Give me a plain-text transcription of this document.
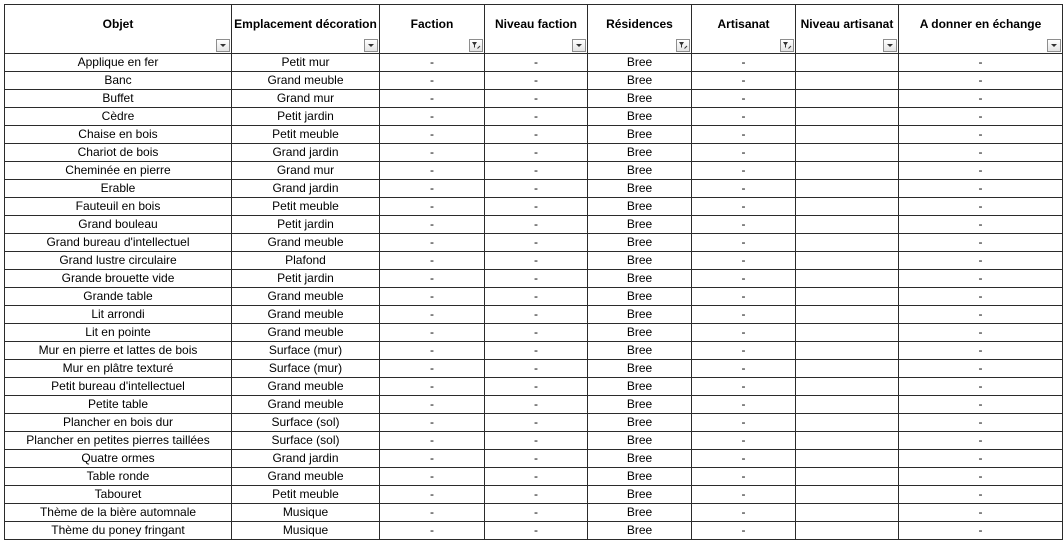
Objet	Emplacement décoration	Faction	Niveau faction	Résidences	Artisanat	Niveau artisanat	A donner en échange

Applique en fer	Petit mur	-	-	Bree	-		-
Banc	Grand meuble	-	-	Bree	-		-
Buffet	Grand mur	-	-	Bree	-		-
Cèdre	Petit jardin	-	-	Bree	-		-
Chaise en bois	Petit meuble	-	-	Bree	-		-
Chariot de bois	Grand jardin	-	-	Bree	-		-
Cheminée en pierre	Grand mur	-	-	Bree	-		-
Erable	Grand jardin	-	-	Bree	-		-
Fauteuil en bois	Petit meuble	-	-	Bree	-		-
Grand bouleau	Petit jardin	-	-	Bree	-		-
Grand bureau d'intellectuel	Grand meuble	-	-	Bree	-		-
Grand lustre circulaire	Plafond	-	-	Bree	-		-
Grande brouette vide	Petit jardin	-	-	Bree	-		-
Grande table	Grand meuble	-	-	Bree	-		-
Lit arrondi	Grand meuble	-	-	Bree	-		-
Lit en pointe	Grand meuble	-	-	Bree	-		-
Mur en pierre et lattes de bois	Surface (mur)	-	-	Bree	-		-
Mur en plâtre texturé	Surface (mur)	-	-	Bree	-		-
Petit bureau d'intellectuel	Grand meuble	-	-	Bree	-		-
Petite table	Grand meuble	-	-	Bree	-		-
Plancher en bois dur	Surface (sol)	-	-	Bree	-		-
Plancher en petites pierres taillées	Surface (sol)	-	-	Bree	-		-
Quatre ormes	Grand jardin	-	-	Bree	-		-
Table ronde	Grand meuble	-	-	Bree	-		-
Tabouret	Petit meuble	-	-	Bree	-		-
Thème de la bière automnale	Musique	-	-	Bree	-		-
Thème du poney fringant	Musique	-	-	Bree	-		-
